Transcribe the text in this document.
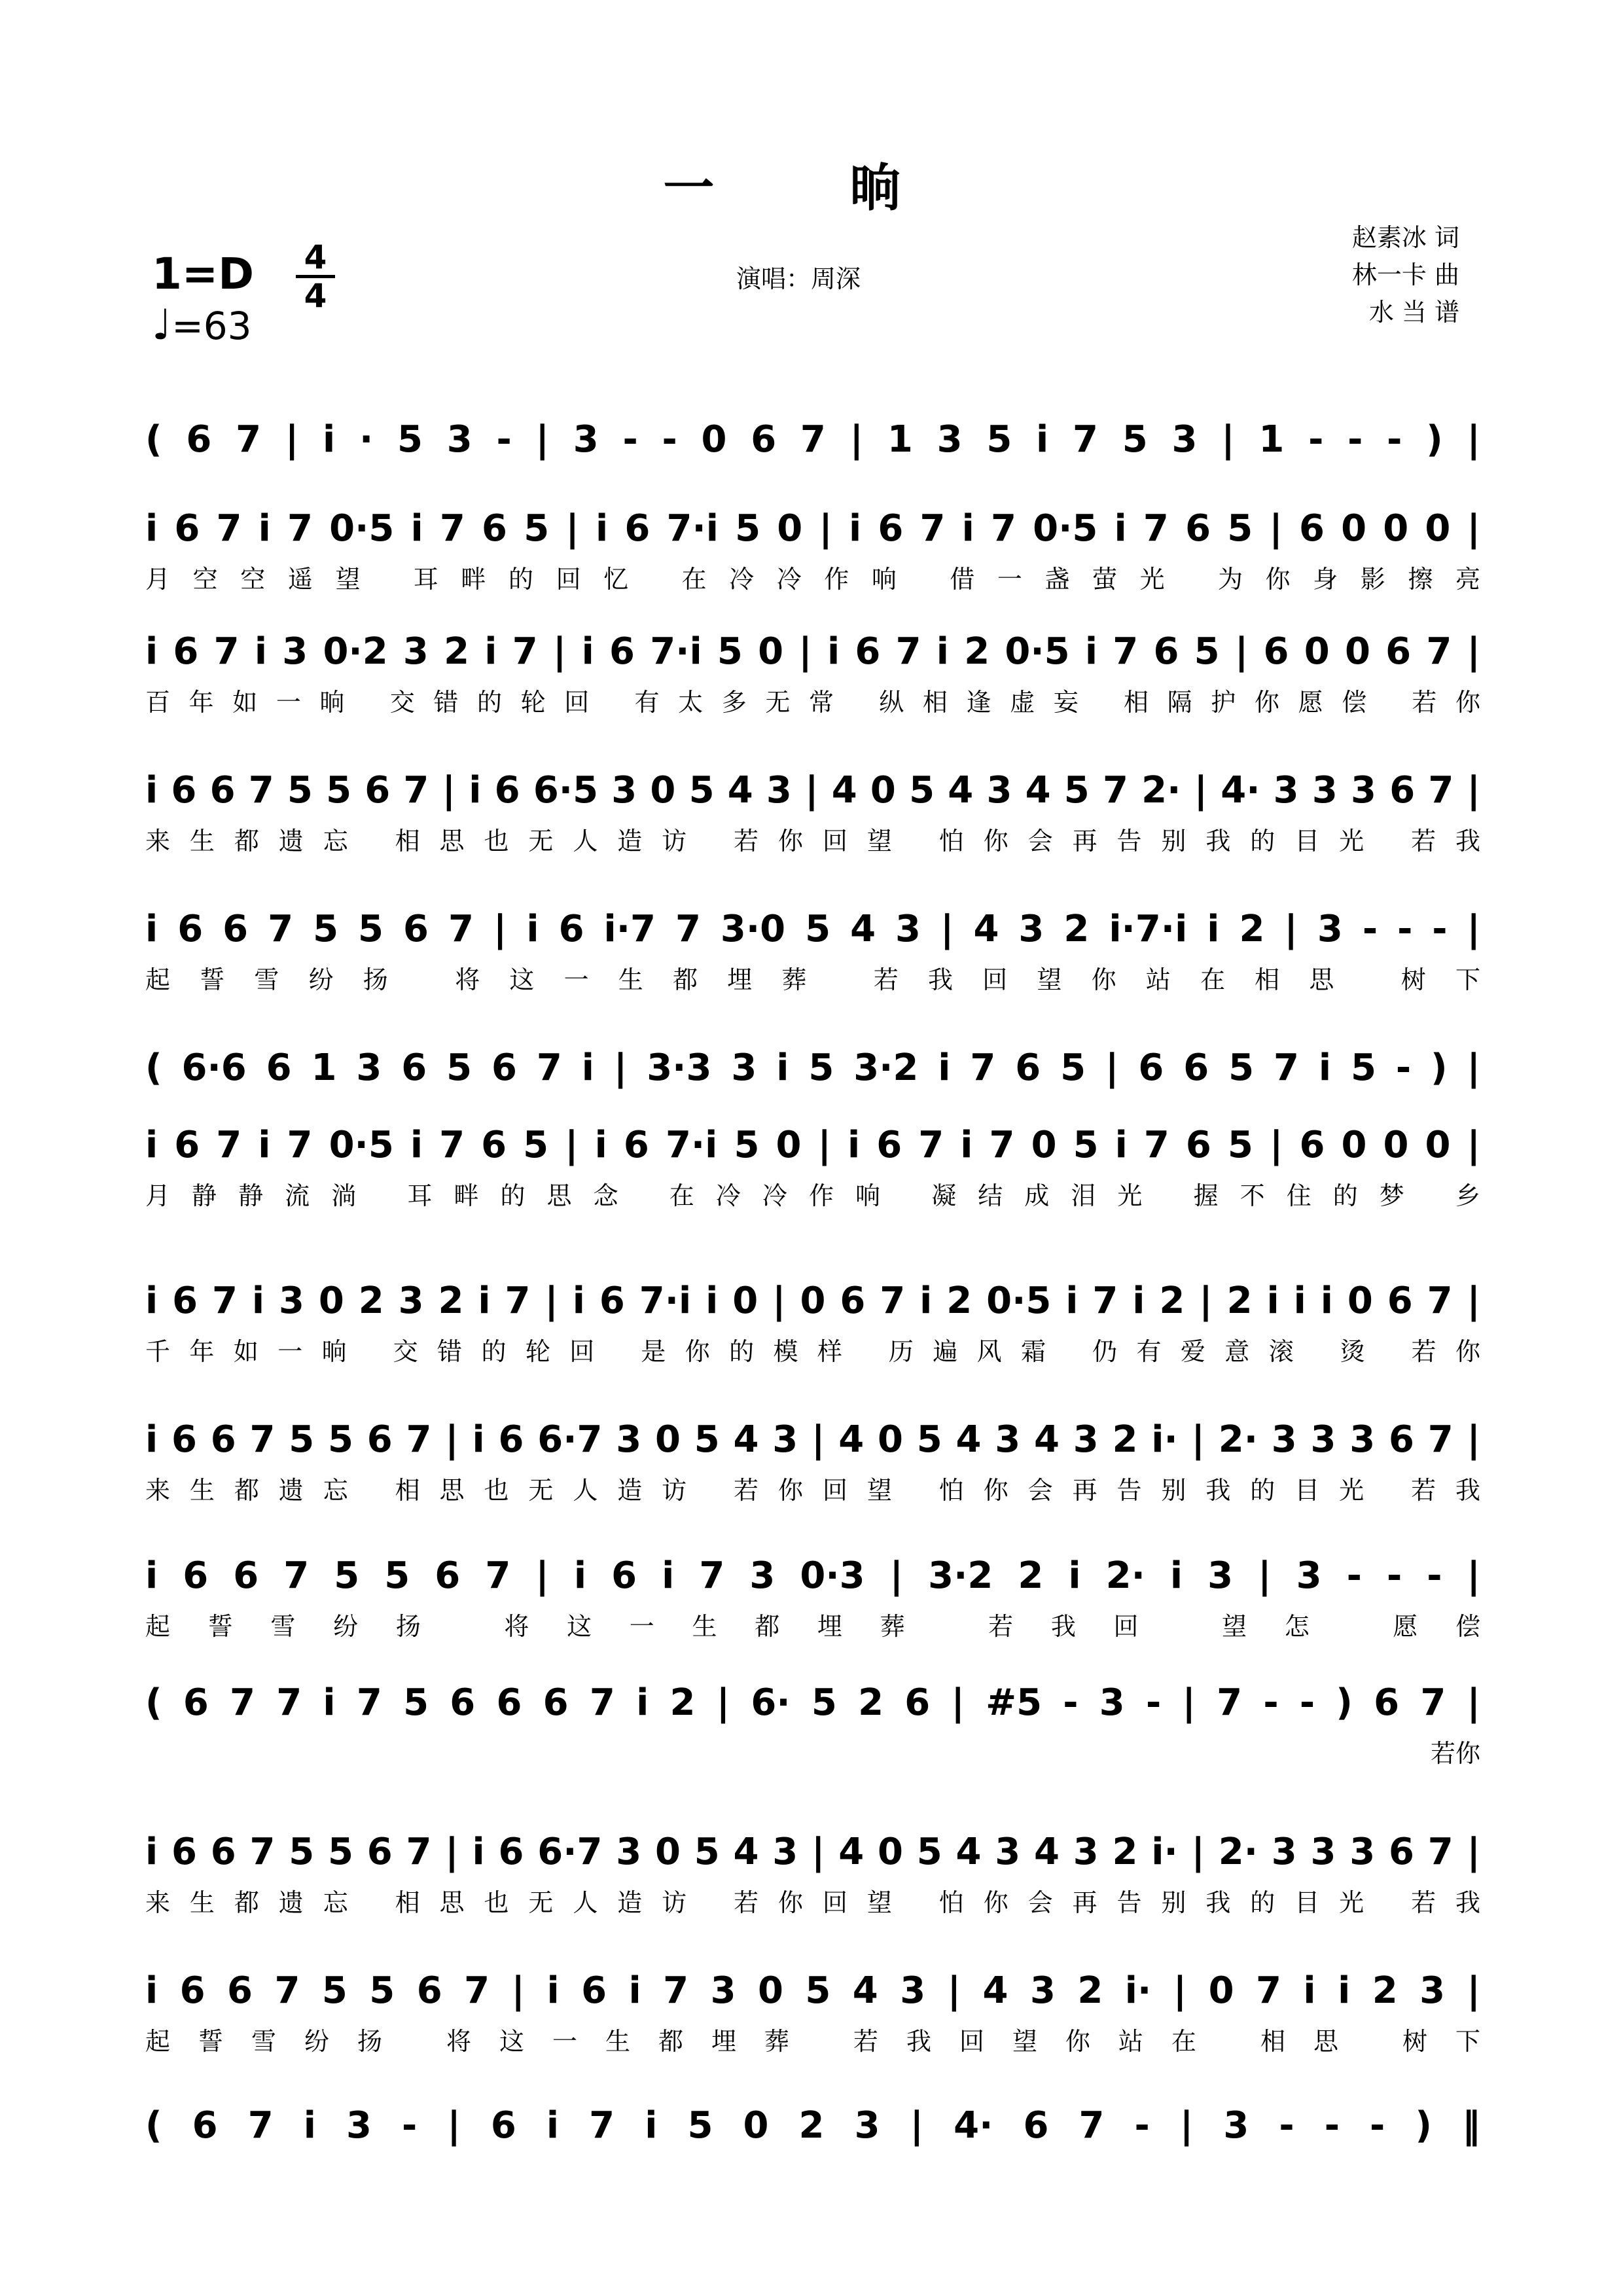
一 晌
1=D 4
4
♩=63
演唱：周深
赵素冰 词
林一卡 曲
水 当 谱
( 6 7 | i · 5 3 - | 3 - - 0 6 7 | 1 3 5 i 7 5 3 | 1 - - - ) |
i 6 7 i 7 0·5 i 7 6 5 | i 6 7·i 5 0 | i 6 7 i 7 0·5 i 7 6 5 | 6 0 0 0 |
月空空遥望 耳畔的回忆 在冷冷作响 借一盏萤光 为你身影擦亮
i 6 7 i 3 0·2 3 2 i 7 | i 6 7·i 5 0 | i 6 7 i 2 0·5 i 7 6 5 | 6 0 0 6 7 |
百年如一晌 交错的轮回 有太多无常 纵相逢虚妄 相隔护你愿偿 若你
i 6 6 7 5 5 6 7 | i 6 6·5 3 0 5 4 3 | 4 0 5 4 3 4 5 7 2· | 4· 3 3 3 6 7 |
来生都遗忘 相思也无人造访 若你回望 怕你会再告别我的目光 若我
i 6 6 7 5 5 6 7 | i 6 i·7 7 3·0 5 4 3 | 4 3 2 i·7·i i 2 | 3 - - - |
起誓雪纷扬 将这一生都埋葬 若我回望你站在相思 树下
( 6·6 6 1 3 6 5 6 7 i | 3·3 3 i 5 3·2 i 7 6 5 | 6 6 5 7 i 5 - ) |
i 6 7 i 7 0·5 i 7 6 5 | i 6 7·i 5 0 | i 6 7 i 7 0 5 i 7 6 5 | 6 0 0 0 |
月静静流淌 耳畔的思念 在冷冷作响 凝结成泪光 握不住的梦 乡
i 6 7 i 3 0 2 3 2 i 7 | i 6 7·i i 0 | 0 6 7 i 2 0·5 i 7 i 2 | 2 i i i 0 6 7 |
千年如一晌 交错的轮回 是你的模样 历遍风霜 仍有爱意滚 烫 若你
i 6 6 7 5 5 6 7 | i 6 6·7 3 0 5 4 3 | 4 0 5 4 3 4 3 2 i· | 2· 3 3 3 6 7 |
来生都遗忘 相思也无人造访 若你回望 怕你会再告别我的目光 若我
i 6 6 7 5 5 6 7 | i 6 i 7 3 0·3 | 3·2 2 i 2· i 3 | 3 - - - |
起誓雪纷扬 将这一生都埋葬 若我回 望怎 愿偿
( 6 7 7 i 7 5 6 6 6 7 i 2 | 6· 5 2 6 | #5 - 3 - | 7 - - ) 6 7 |
若你
i 6 6 7 5 5 6 7 | i 6 6·7 3 0 5 4 3 | 4 0 5 4 3 4 3 2 i· | 2· 3 3 3 6 7 |
来生都遗忘 相思也无人造访 若你回望 怕你会再告别我的目光 若我
i 6 6 7 5 5 6 7 | i 6 i 7 3 0 5 4 3 | 4 3 2 i· | 0 7 i i 2 3 |
起誓雪纷扬 将这一生都埋葬 若我回望你站在 相思 树下
( 6 7 i 3 - | 6 i 7 i 5 0 2 3 | 4· 6 7 - | 3 - - - ) ‖
